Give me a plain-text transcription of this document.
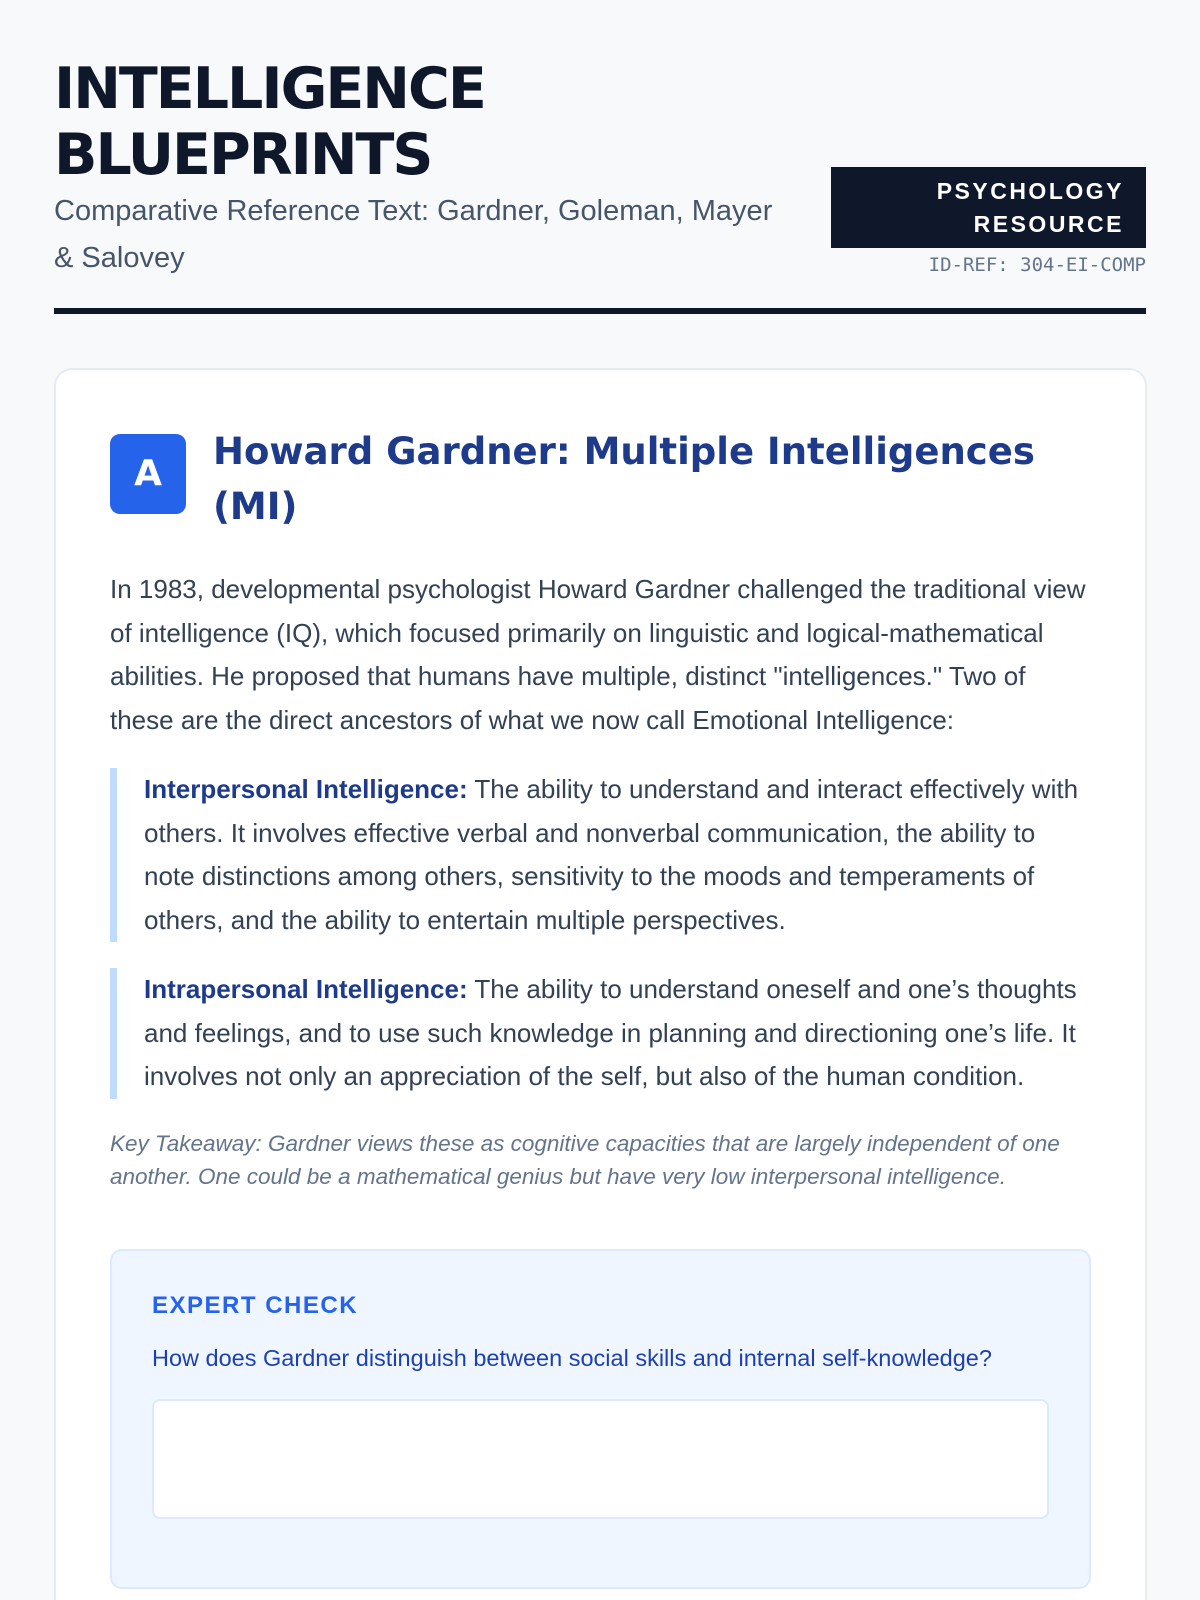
INTELLIGENCE BLUEPRINTS

Comparative Reference Text: Gardner, Goleman, Mayer & Salovey

PSYCHOLOGY RESOURCE
ID-REF: 304-EI-COMP
A
Howard Gardner: Multiple Intelligences (MI)

In 1983, developmental psychologist Howard Gardner challenged the traditional view of intelligence (IQ), which focused primarily on linguistic and logical-mathematical abilities. He proposed that humans have multiple, distinct "intelligences." Two of these are the direct ancestors of what we now call Emotional Intelligence:

Interpersonal Intelligence: The ability to understand and interact effectively with others. It involves effective verbal and nonverbal communication, the ability to note distinctions among others, sensitivity to the moods and temperaments of others, and the ability to entertain multiple perspectives.
Intrapersonal Intelligence: The ability to understand oneself and one’s thoughts and feelings, and to use such knowledge in planning and directioning one’s life. It involves not only an appreciation of the self, but also of the human condition.
Key Takeaway: Gardner views these as cognitive capacities that are largely independent of one another. One could be a mathematical genius but have very low interpersonal intelligence.
EXPERT CHECK
How does Gardner distinguish between social skills and internal self-knowledge?
